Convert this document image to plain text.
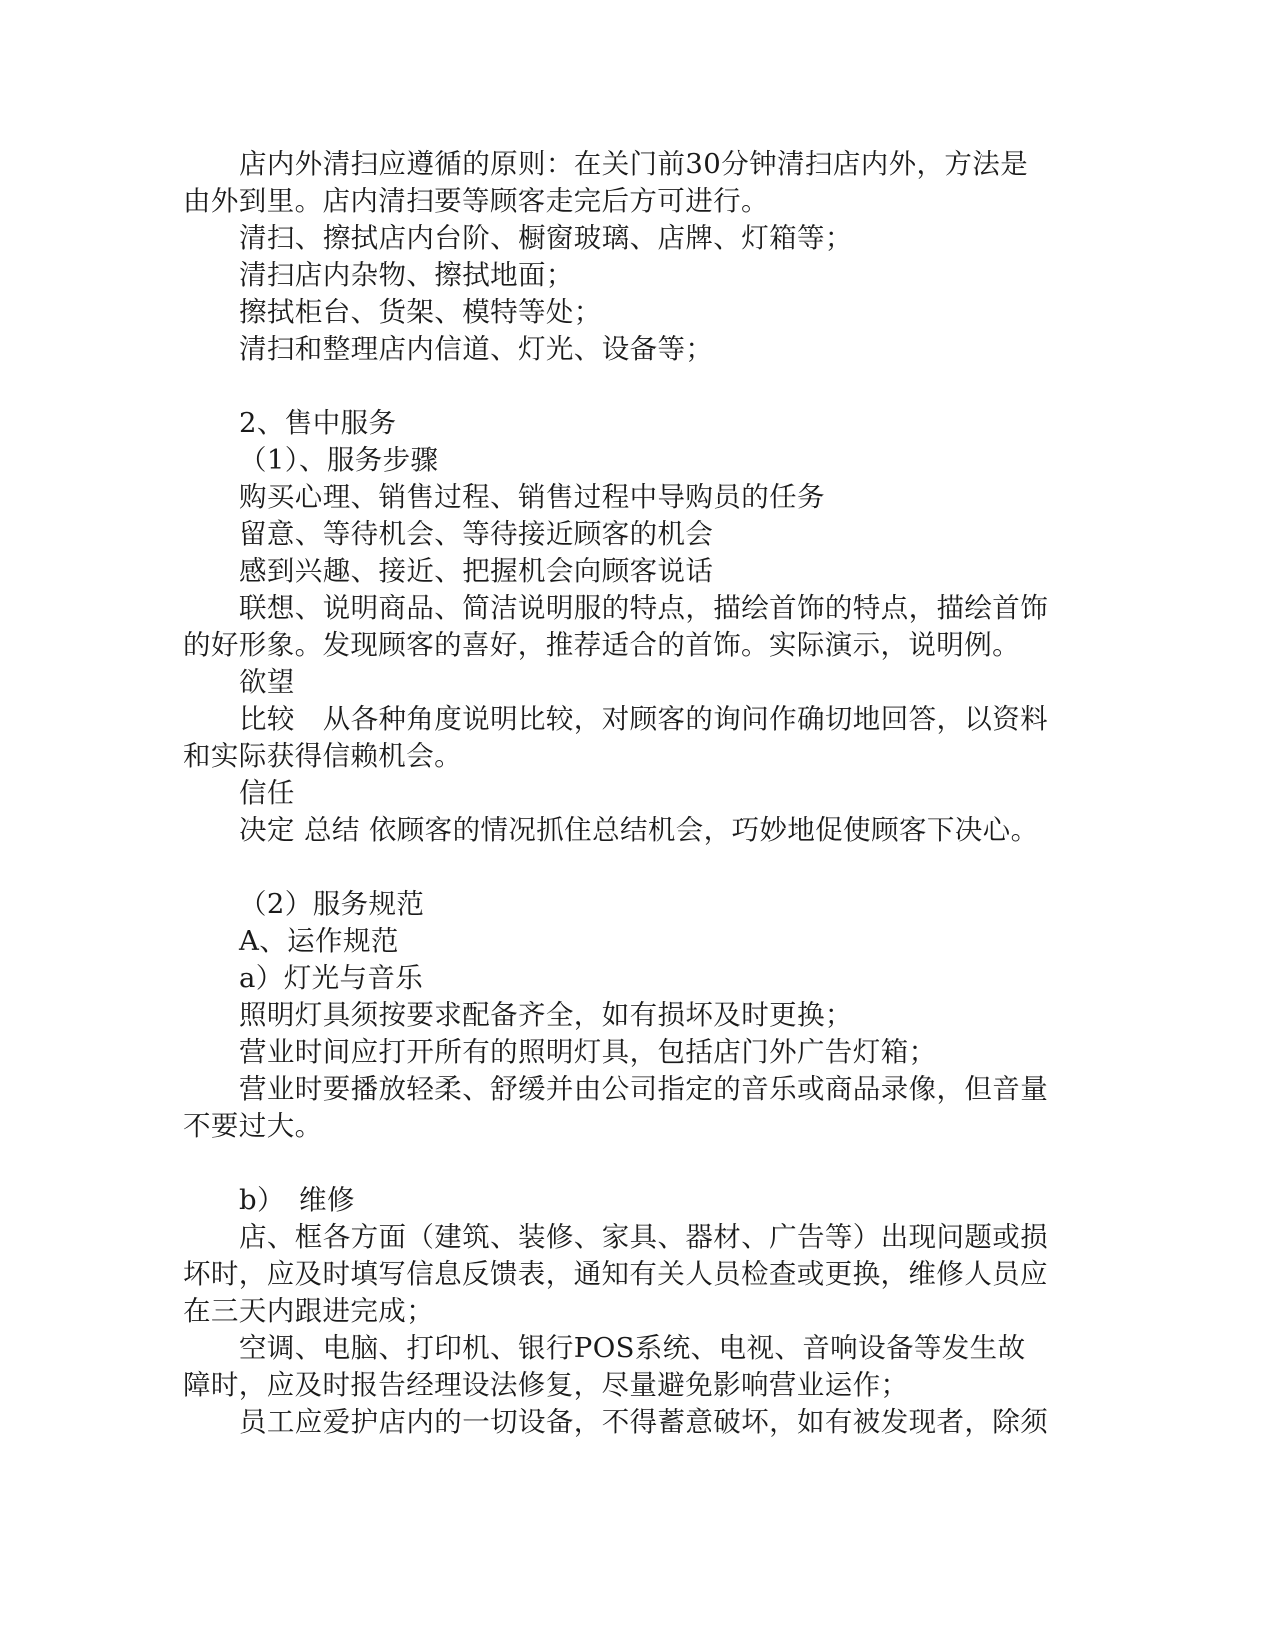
店内外清扫应遵循的原则：在关门前30分钟清扫店内外，方法是由外到里。店内清扫要等顾客走完后方可进行。

清扫、擦拭店内台阶、橱窗玻璃、店牌、灯箱等；

清扫店内杂物、擦拭地面；

擦拭柜台、货架、模特等处；

清扫和整理店内信道、灯光、设备等；

2、售中服务

（1）、服务步骤

购买心理、销售过程、销售过程中导购员的任务

留意、等待机会、等待接近顾客的机会

感到兴趣、接近、把握机会向顾客说话

联想、说明商品、简洁说明服的特点，描绘首饰的特点，描绘首饰的好形象。发现顾客的喜好，推荐适合的首饰。实际演示，说明例。

欲望

比较　从各种角度说明比较，对顾客的询问作确切地回答，以资料和实际获得信赖机会。

信任

决定 总结 依顾客的情况抓住总结机会，巧妙地促使顾客下决心。

（2）服务规范

A、运作规范

a）灯光与音乐

照明灯具须按要求配备齐全，如有损坏及时更换；

营业时间应打开所有的照明灯具，包括店门外广告灯箱；

营业时要播放轻柔、舒缓并由公司指定的音乐或商品录像，但音量不要过大。

b）　维修

店、框各方面（建筑、装修、家具、器材、广告等）出现问题或损坏时，应及时填写信息反馈表，通知有关人员检查或更换，维修人员应在三天内跟进完成；

空调、电脑、打印机、银行POS系统、电视、音响设备等发生故障时，应及时报告经理设法修复，尽量避免影响营业运作；

员工应爱护店内的一切设备，不得蓄意破坏，如有被发现者，除须
